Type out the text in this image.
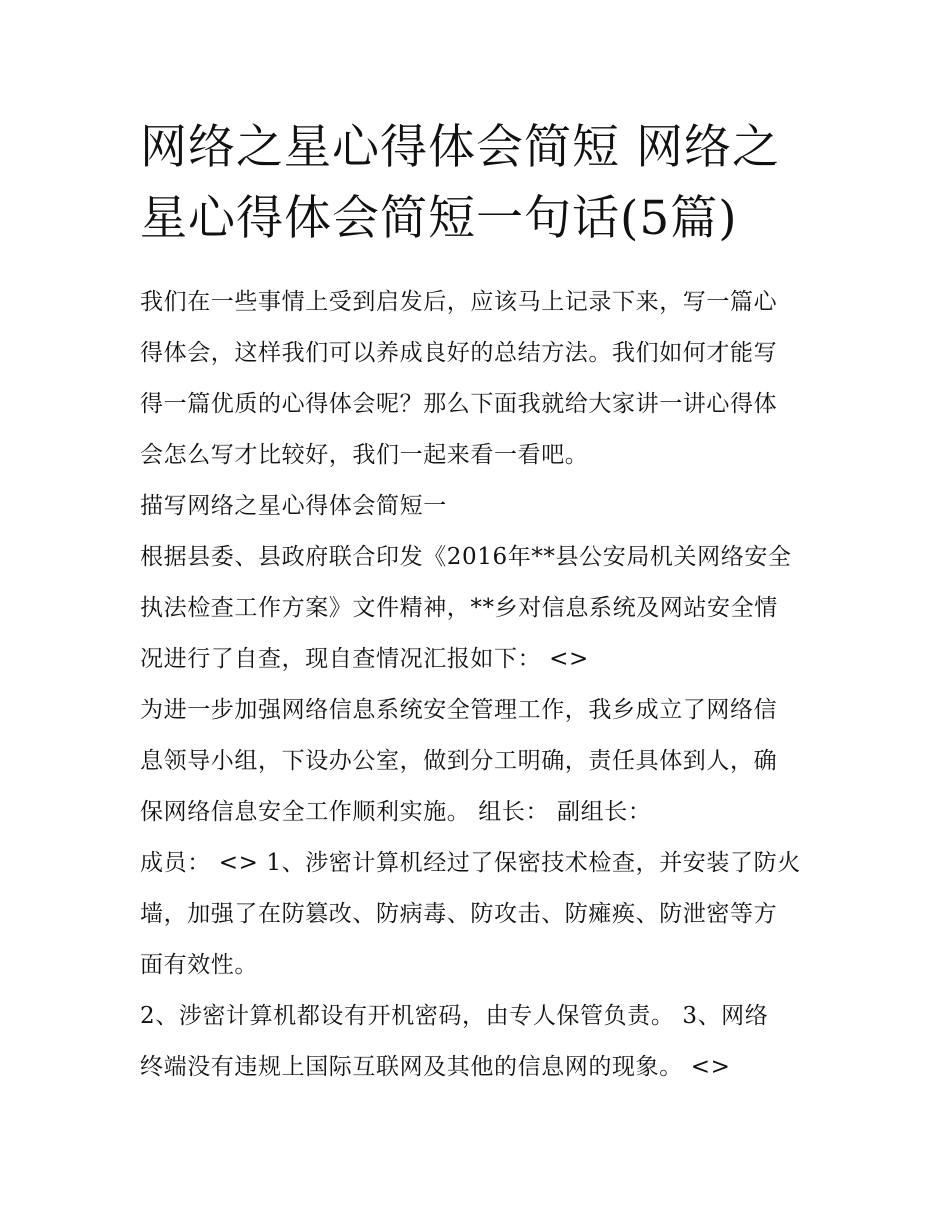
网络之星心得体会简短 网络之
星心得体会简短一句话(5篇)

我们在一些事情上受到启发后，应该马上记录下来，写一篇心
得体会，这样我们可以养成良好的总结方法。我们如何才能写
得一篇优质的心得体会呢？那么下面我就给大家讲一讲心得体
会怎么写才比较好，我们一起来看一看吧。

描写网络之星心得体会简短一

根据县委、县政府联合印发《2016年**县公安局机关网络安全
执法检查工作方案》文件精神，**乡对信息系统及网站安全情
况进行了自查，现自查情况汇报如下： <>

为进一步加强网络信息系统安全管理工作，我乡成立了网络信
息领导小组，下设办公室，做到分工明确，责任具体到人，确
保网络信息安全工作顺利实施。 组长： 副组长：

成员： <> 1、涉密计算机经过了保密技术检查，并安装了防火
墙，加强了在防篡改、防病毒、防攻击、防瘫痪、防泄密等方
面有效性。

2、涉密计算机都设有开机密码，由专人保管负责。 3、网络
终端没有违规上国际互联网及其他的信息网的现象。 <>
